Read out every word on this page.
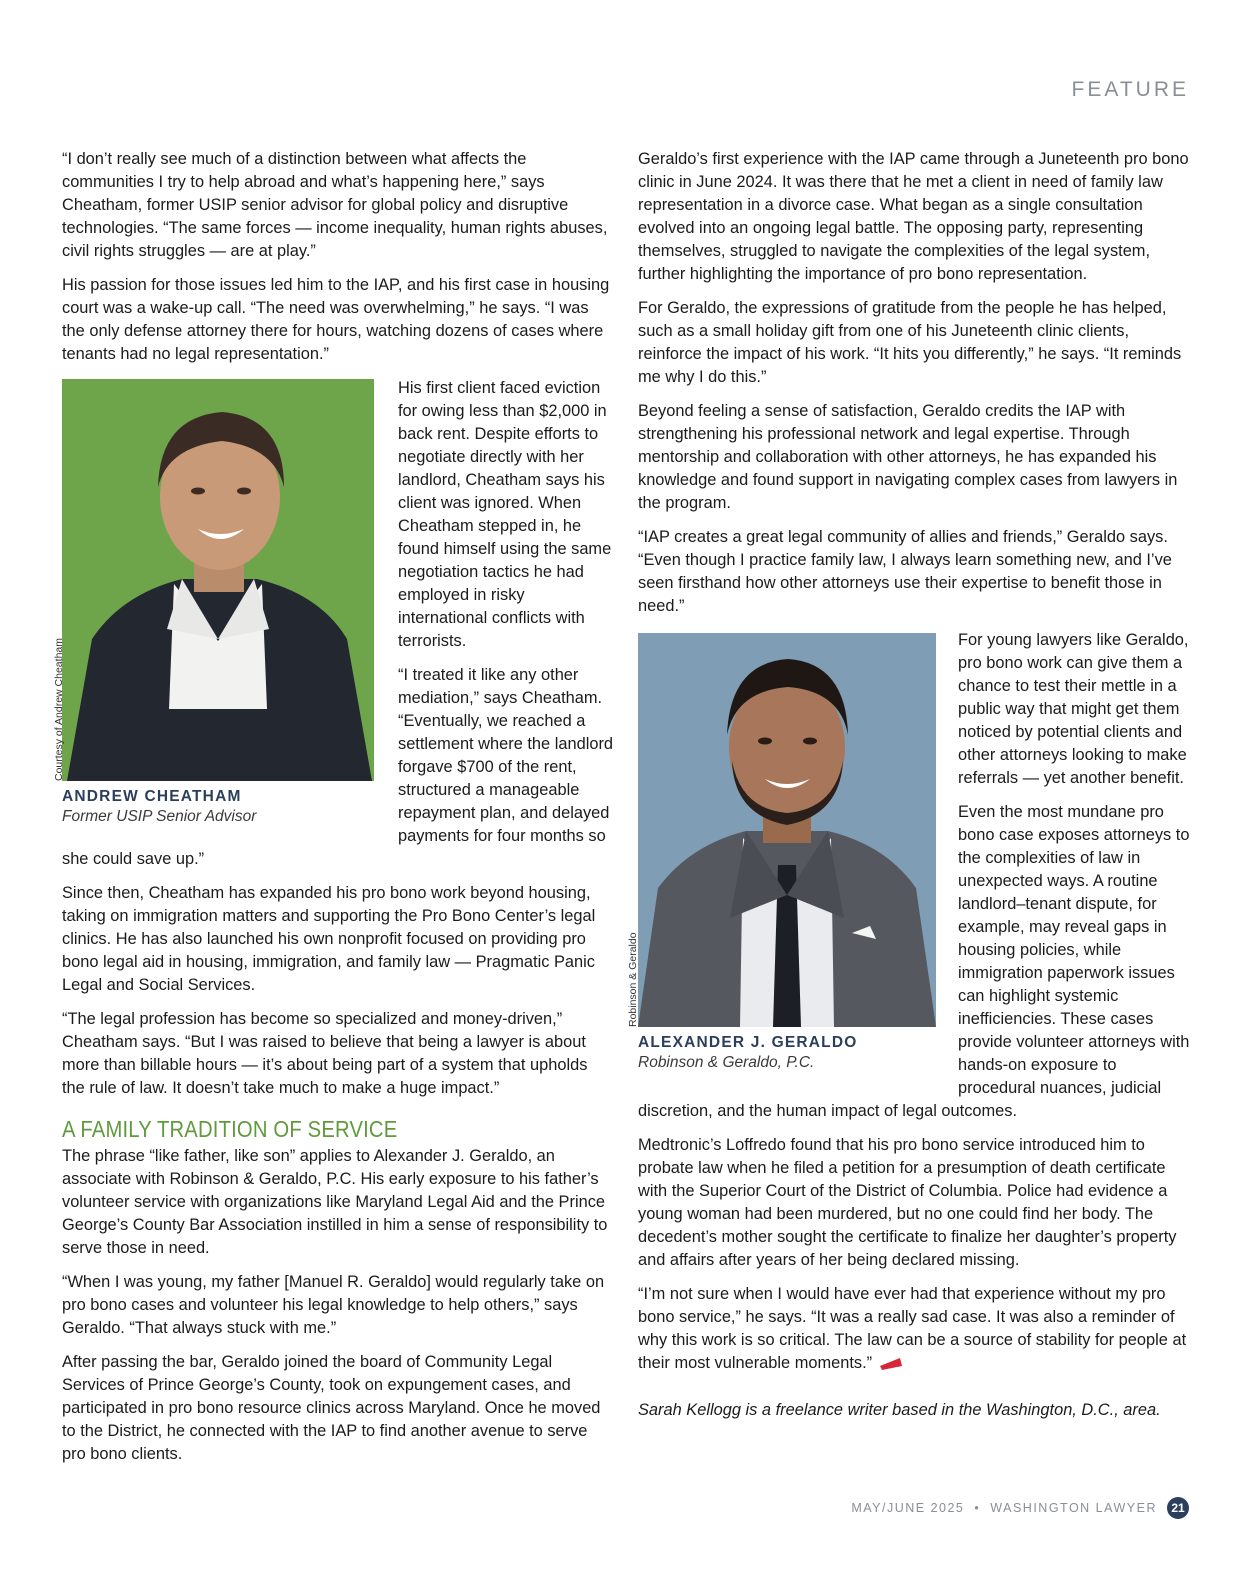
FEATURE

“I don’t really see much of a distinction between what affects the communities I try to help abroad and what’s happening here,” says Cheatham, former USIP senior advisor for global policy and disruptive technologies. “The same forces — income inequality, human rights abuses, civil rights struggles — are at play.”

His passion for those issues led him to the IAP, and his first case in housing court was a wake-up call. “The need was overwhelming,” he says. “I was the only defense attorney there for hours, watching dozens of cases where tenants had no legal representation.”

Courtesy of Andrew Cheatham
ANDREW CHEATHAM
Former USIP Senior Advisor

His first client faced eviction for owing less than $2,000 in back rent. Despite efforts to negotiate directly with her landlord, Cheatham says his client was ignored. When Cheatham stepped in, he found himself using the same negotiation tactics he had employed in risky international conflicts with terrorists.

“I treated it like any other mediation,” says Cheatham. “Eventually, we reached a settlement where the landlord forgave $700 of the rent, structured a manageable repayment plan, and delayed payments for four months so she could save up.”

Since then, Cheatham has expanded his pro bono work beyond housing, taking on immigration matters and supporting the Pro Bono Center’s legal clinics. He has also launched his own nonprofit focused on providing pro bono legal aid in housing, immigration, and family law — Pragmatic Panic Legal and Social Services.

“The legal profession has become so specialized and money-driven,” Cheatham says. “But I was raised to believe that being a lawyer is about more than billable hours — it’s about being part of a system that upholds the rule of law. It doesn’t take much to make a huge impact.”

A FAMILY TRADITION OF SERVICE

The phrase “like father, like son” applies to Alexander J. Geraldo, an associate with Robinson & Geraldo, P.C. His early exposure to his father’s volunteer service with organizations like Maryland Legal Aid and the Prince George’s County Bar Association instilled in him a sense of responsibility to serve those in need.

“When I was young, my father [Manuel R. Geraldo] would regularly take on pro bono cases and volunteer his legal knowledge to help others,” says Geraldo. “That always stuck with me.”

After passing the bar, Geraldo joined the board of Community Legal Services of Prince George’s County, took on expungement cases, and participated in pro bono resource clinics across Maryland. Once he moved to the District, he connected with the IAP to find another avenue to serve pro bono clients.

Geraldo’s first experience with the IAP came through a Juneteenth pro bono clinic in June 2024. It was there that he met a client in need of family law representation in a divorce case. What began as a single consultation evolved into an ongoing legal battle. The opposing party, representing themselves, struggled to navigate the complexities of the legal system, further highlighting the importance of pro bono representation.

For Geraldo, the expressions of gratitude from the people he has helped, such as a small holiday gift from one of his Juneteenth clinic clients, reinforce the impact of his work. “It hits you differently,” he says. “It reminds me why I do this.”

Beyond feeling a sense of satisfaction, Geraldo credits the IAP with strengthening his professional network and legal expertise. Through mentorship and collaboration with other attorneys, he has expanded his knowledge and found support in navigating complex cases from lawyers in the program.

“IAP creates a great legal community of allies and friends,” Geraldo says. “Even though I practice family law, I always learn something new, and I’ve seen firsthand how other attorneys use their expertise to benefit those in need.”

Robinson & Geraldo
ALEXANDER J. GERALDO
Robinson & Geraldo, P.C.

For young lawyers like Geraldo, pro bono work can give them a chance to test their mettle in a public way that might get them noticed by potential clients and other attorneys looking to make referrals — yet another benefit.

Even the most mundane pro bono case exposes attorneys to the complexities of law in unexpected ways. A routine landlord–tenant dispute, for example, may reveal gaps in housing policies, while immigration paperwork issues can highlight systemic inefficiencies. These cases provide volunteer attorneys with hands-on exposure to procedural nuances, judicial discretion, and the human impact of legal outcomes.

Medtronic’s Loffredo found that his pro bono service introduced him to probate law when he filed a petition for a presumption of death certificate with the Superior Court of the District of Columbia. Police had evidence a young woman had been murdered, but no one could find her body. The decedent’s mother sought the certificate to finalize her daughter’s property and affairs after years of her being declared missing.

“I’m not sure when I would have ever had that experience without my pro bono service,” he says. “It was a really sad case. It was also a reminder of why this work is so critical. The law can be a source of stability for people at their most vulnerable moments.”

Sarah Kellogg is a freelance writer based in the Washington, D.C., area.

MAY/JUNE 2025 • WASHINGTON LAWYER	21
